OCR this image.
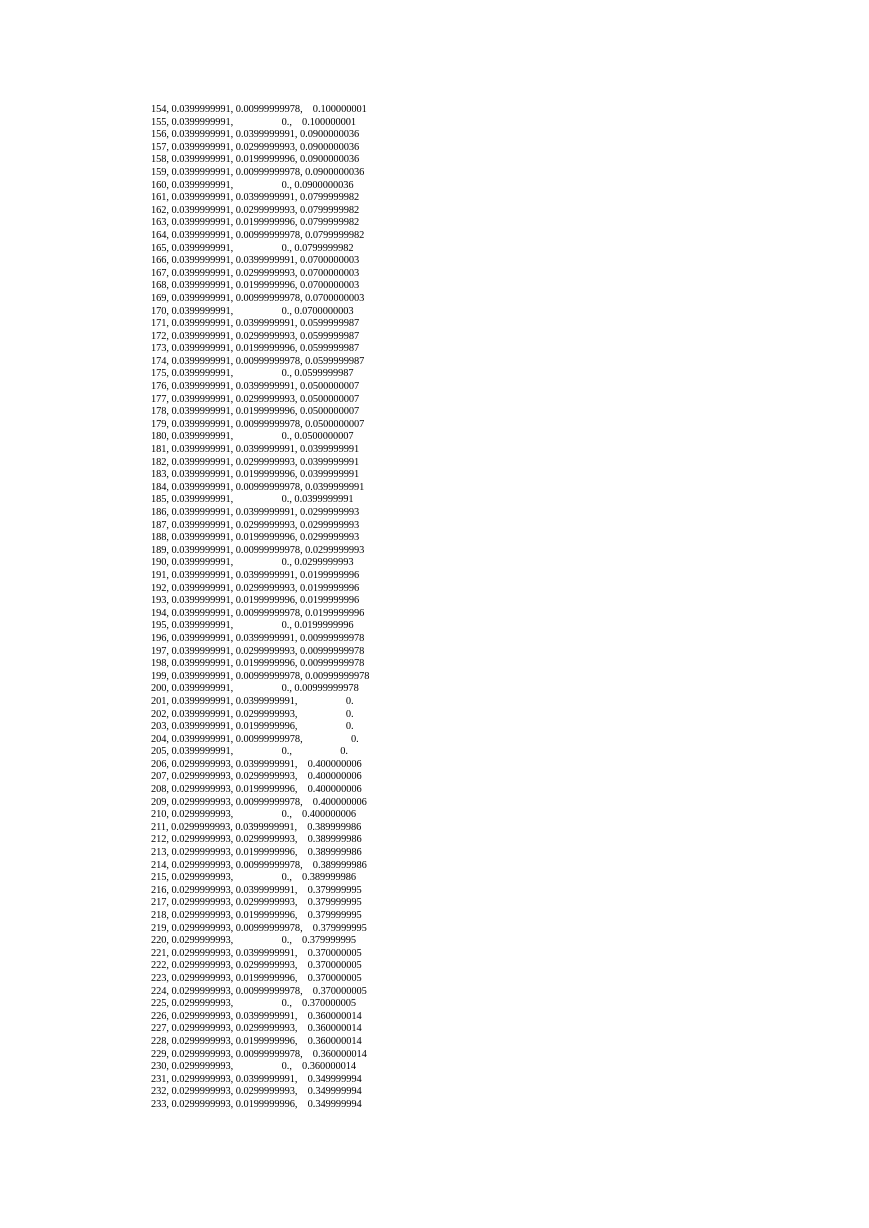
154, 0.0399999991, 0.00999999978,    0.100000001
155, 0.0399999991,                   0.,    0.100000001
156, 0.0399999991, 0.0399999991, 0.0900000036
157, 0.0399999991, 0.0299999993, 0.0900000036
158, 0.0399999991, 0.0199999996, 0.0900000036
159, 0.0399999991, 0.00999999978, 0.0900000036
160, 0.0399999991,                   0., 0.0900000036
161, 0.0399999991, 0.0399999991, 0.0799999982
162, 0.0399999991, 0.0299999993, 0.0799999982
163, 0.0399999991, 0.0199999996, 0.0799999982
164, 0.0399999991, 0.00999999978, 0.0799999982
165, 0.0399999991,                   0., 0.0799999982
166, 0.0399999991, 0.0399999991, 0.0700000003
167, 0.0399999991, 0.0299999993, 0.0700000003
168, 0.0399999991, 0.0199999996, 0.0700000003
169, 0.0399999991, 0.00999999978, 0.0700000003
170, 0.0399999991,                   0., 0.0700000003
171, 0.0399999991, 0.0399999991, 0.0599999987
172, 0.0399999991, 0.0299999993, 0.0599999987
173, 0.0399999991, 0.0199999996, 0.0599999987
174, 0.0399999991, 0.00999999978, 0.0599999987
175, 0.0399999991,                   0., 0.0599999987
176, 0.0399999991, 0.0399999991, 0.0500000007
177, 0.0399999991, 0.0299999993, 0.0500000007
178, 0.0399999991, 0.0199999996, 0.0500000007
179, 0.0399999991, 0.00999999978, 0.0500000007
180, 0.0399999991,                   0., 0.0500000007
181, 0.0399999991, 0.0399999991, 0.0399999991
182, 0.0399999991, 0.0299999993, 0.0399999991
183, 0.0399999991, 0.0199999996, 0.0399999991
184, 0.0399999991, 0.00999999978, 0.0399999991
185, 0.0399999991,                   0., 0.0399999991
186, 0.0399999991, 0.0399999991, 0.0299999993
187, 0.0399999991, 0.0299999993, 0.0299999993
188, 0.0399999991, 0.0199999996, 0.0299999993
189, 0.0399999991, 0.00999999978, 0.0299999993
190, 0.0399999991,                   0., 0.0299999993
191, 0.0399999991, 0.0399999991, 0.0199999996
192, 0.0399999991, 0.0299999993, 0.0199999996
193, 0.0399999991, 0.0199999996, 0.0199999996
194, 0.0399999991, 0.00999999978, 0.0199999996
195, 0.0399999991,                   0., 0.0199999996
196, 0.0399999991, 0.0399999991, 0.00999999978
197, 0.0399999991, 0.0299999993, 0.00999999978
198, 0.0399999991, 0.0199999996, 0.00999999978
199, 0.0399999991, 0.00999999978, 0.00999999978
200, 0.0399999991,                   0., 0.00999999978
201, 0.0399999991, 0.0399999991,                   0.
202, 0.0399999991, 0.0299999993,                   0.
203, 0.0399999991, 0.0199999996,                   0.
204, 0.0399999991, 0.00999999978,                   0.
205, 0.0399999991,                   0.,                   0.
206, 0.0299999993, 0.0399999991,    0.400000006
207, 0.0299999993, 0.0299999993,    0.400000006
208, 0.0299999993, 0.0199999996,    0.400000006
209, 0.0299999993, 0.00999999978,    0.400000006
210, 0.0299999993,                   0.,    0.400000006
211, 0.0299999993, 0.0399999991,    0.389999986
212, 0.0299999993, 0.0299999993,    0.389999986
213, 0.0299999993, 0.0199999996,    0.389999986
214, 0.0299999993, 0.00999999978,    0.389999986
215, 0.0299999993,                   0.,    0.389999986
216, 0.0299999993, 0.0399999991,    0.379999995
217, 0.0299999993, 0.0299999993,    0.379999995
218, 0.0299999993, 0.0199999996,    0.379999995
219, 0.0299999993, 0.00999999978,    0.379999995
220, 0.0299999993,                   0.,    0.379999995
221, 0.0299999993, 0.0399999991,    0.370000005
222, 0.0299999993, 0.0299999993,    0.370000005
223, 0.0299999993, 0.0199999996,    0.370000005
224, 0.0299999993, 0.00999999978,    0.370000005
225, 0.0299999993,                   0.,    0.370000005
226, 0.0299999993, 0.0399999991,    0.360000014
227, 0.0299999993, 0.0299999993,    0.360000014
228, 0.0299999993, 0.0199999996,    0.360000014
229, 0.0299999993, 0.00999999978,    0.360000014
230, 0.0299999993,                   0.,    0.360000014
231, 0.0299999993, 0.0399999991,    0.349999994
232, 0.0299999993, 0.0299999993,    0.349999994
233, 0.0299999993, 0.0199999996,    0.349999994
